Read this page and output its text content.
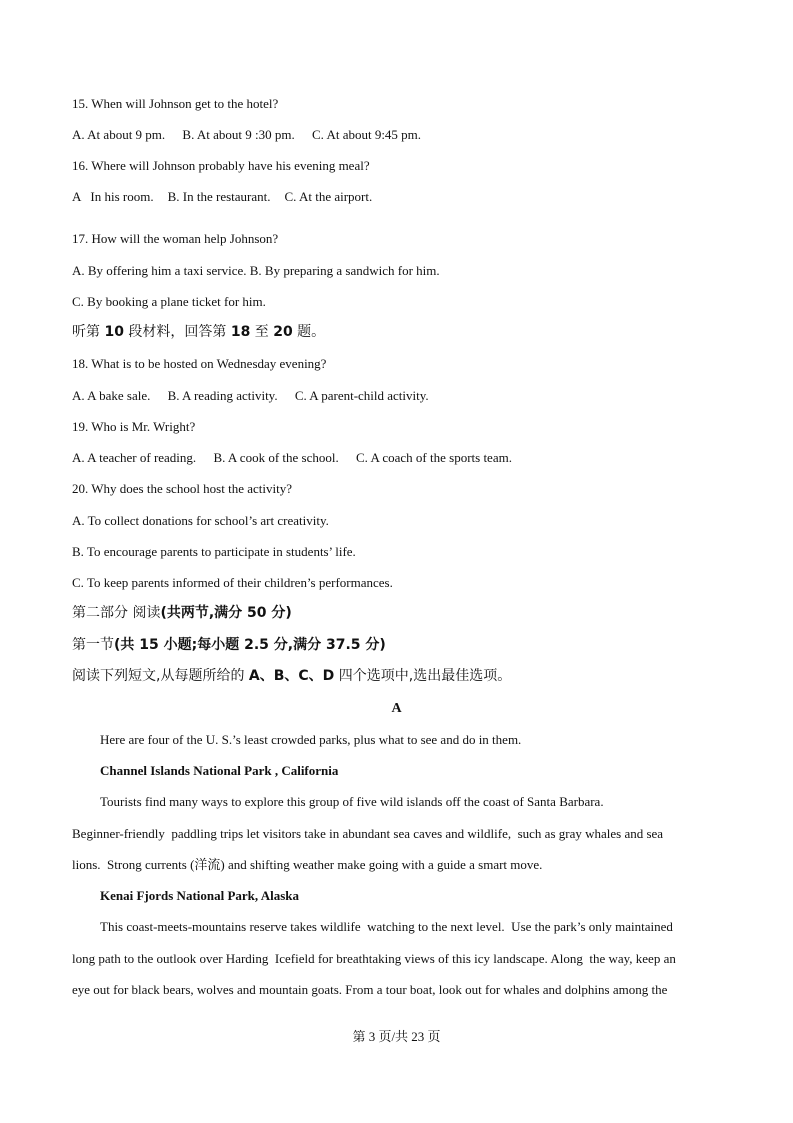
15. When will Johnson get to the hotel?
A. At about 9 pm. B. At about 9 :30 pm. C. At about 9:45 pm.
16. Where will Johnson probably have his evening meal?
A   In his room. B. In the restaurant. C. At the airport.
17. How will the woman help Johnson?
A. By offering him a taxi service. B. By preparing a sandwich for him.
C. By booking a plane ticket for him.
听第 10 段材料，回答第 18 至 20 题。
18. What is to be hosted on Wednesday evening?
A. A bake sale. B. A reading activity. C. A parent-child activity.
19. Who is Mr. Wright?
A. A teacher of reading. B. A cook of the school. C. A coach of the sports team.
20. Why does the school host the activity?
A. To collect donations for school’s art creativity.
B. To encourage parents to participate in students’ life.
C. To keep parents informed of their children’s performances.
第二部分 阅读(共两节,满分 50 分)
第一节(共 15 小题;每小题 2.5 分,满分 37.5 分)
阅读下列短文,从每题所给的 A、B、C、D 四个选项中,选出最佳选项。
A
Here are four of the U. S.’s least crowded parks, plus what to see and do in them.
Channel Islands National Park , California
Tourists find many ways to explore this group of five wild islands off the coast of Santa Barbara.
Beginner-friendly  paddling trips let visitors take in abundant sea caves and wildlife,  such as gray whales and sea
lions.  Strong currents (洋流) and shifting weather make going with a guide a smart move.
Kenai Fjords National Park, Alaska
This coast-meets-mountains reserve takes wildlife  watching to the next level.  Use the park’s only maintained
long path to the outlook over Harding  Icefield for breathtaking views of this icy landscape. Along  the way, keep an
eye out for black bears, wolves and mountain goats. From a tour boat, look out for whales and dolphins among the
第 3 页/共 23 页
